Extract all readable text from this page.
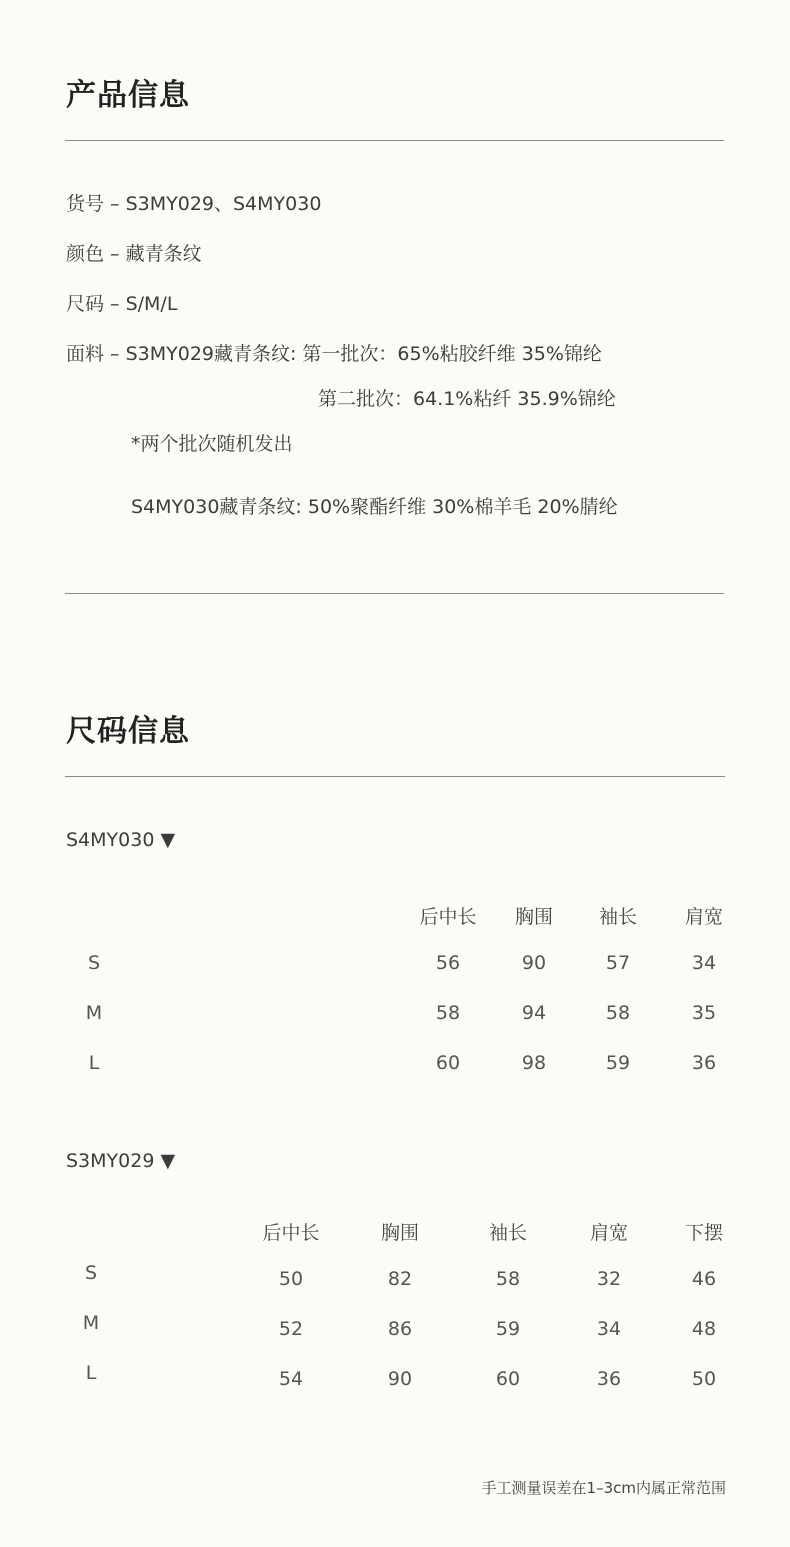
产品信息
货号 – S3MY029、S4MY030
颜色 – 藏青条纹
尺码 – S/M/L
面料 – S3MY029藏青条纹: 第一批次：65%粘胶纤维 35%锦纶
第二批次：64.1%粘纤 35.9%锦纶
*两个批次随机发出
S4MY030藏青条纹: 50%聚酯纤维 30%棉羊毛 20%腈纶
尺码信息
S4MY030 ▼
后中长 胸围 袖长	肩宽
S	56	90	57	34
M	58	94	58	35
L	60	98	59	36
S3MY029 ▼
后中长	胸围	袖长	肩宽	下摆
S	50	82	58	32	46
M	52	86	59	34	48
L	54	90	60	36	50
手工测量误差在1–3cm内属正常范围
